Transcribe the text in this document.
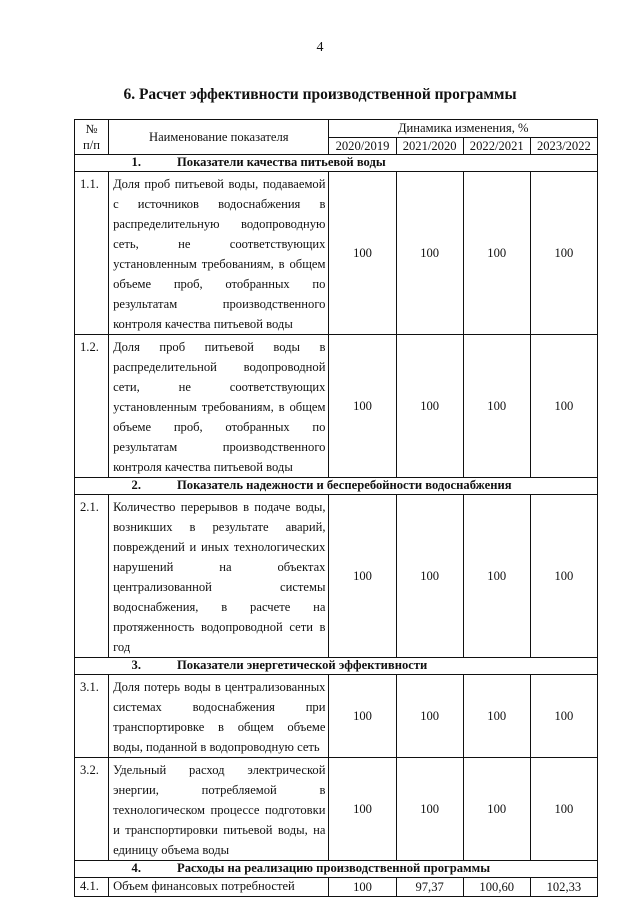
4
6. Расчет эффективности производственной программы
№
п/п	Наименование показателя	Динамика изменения, %			
		2020/2019	2021/2020	2022/2021	2023/2022
1. Показатели качества питьевой воды					
1.1.	Доля проб питьевой воды, подаваемой с источников водоснабжения в распределительную водопроводную сеть, не соответствующих установленным требованиям, в общем объеме проб, отобранных по результатам производственного контроля качества питьевой воды	100	100	100	100
1.2.	Доля проб питьевой воды в распределительной водопроводной сети, не соответствующих установленным требованиям, в общем объеме проб, отобранных по результатам производственного контроля качества питьевой воды	100	100	100	100
2. Показатель надежности и бесперебойности водоснабжения					
2.1.	Количество перерывов в подаче воды, возникших в результате аварий, повреждений и иных технологических нарушений на объектах централизованной системы водоснабжения, в расчете на протяженность водопроводной сети в год	100	100	100	100
3. Показатели энергетической эффективности					
3.1.	Доля потерь воды в централизованных системах водоснабжения при транспортировке в общем объеме воды, поданной в водопроводную сеть	100	100	100	100
3.2.	Удельный расход электрической энергии, потребляемой в технологическом процессе подготовки и транспортировки питьевой воды, на единицу объема воды	100	100	100	100
4. Расходы на реализацию производственной программы					
4.1.	Объем финансовых потребностей	100	97,37	100,60	102,33
